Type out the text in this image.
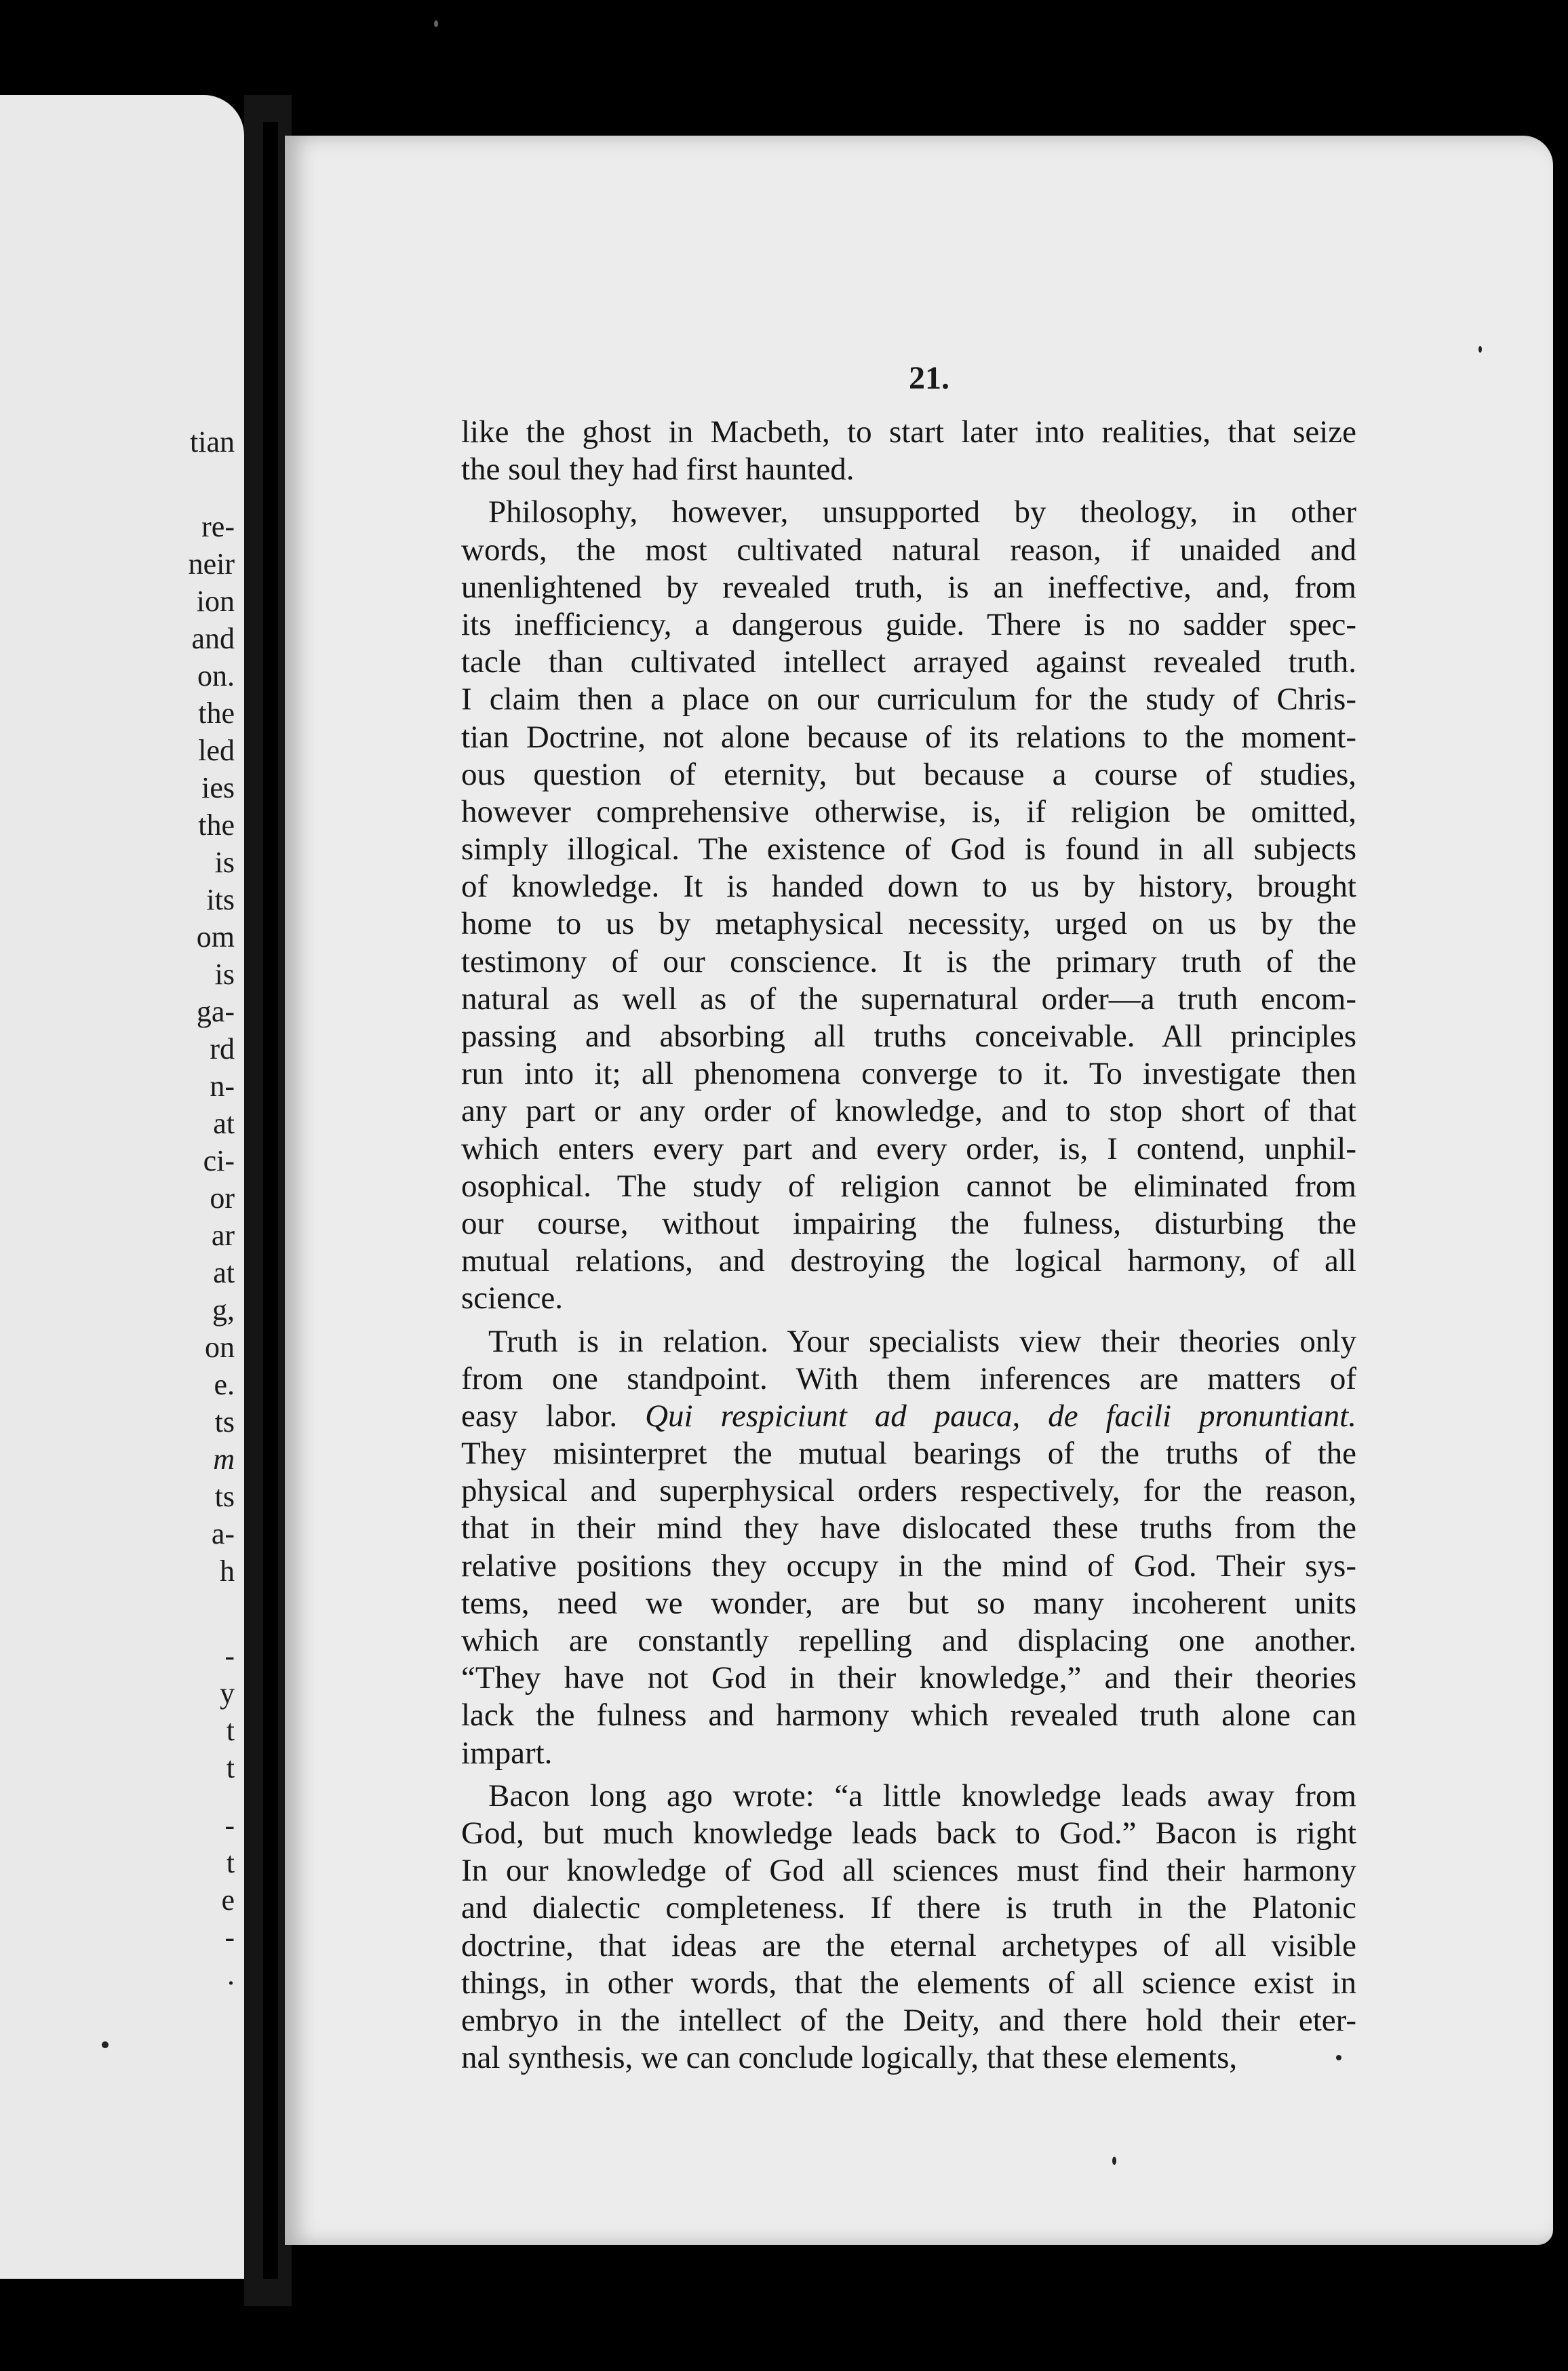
tian
re-
neir
ion
and
on.
the
led
ies
the
is
its
om
is
ga-
rd
n-
at
ci-
or
ar
at
g,
on
e.
ts
m
ts
a-
h
-
y
t
t
-
t
e
-
.
21.
like the ghost in Macbeth, to start later into realities, that seize
the soul they had first haunted.
Philosophy, however, unsupported by theology, in other
words, the most cultivated natural reason, if unaided and
unenlightened by revealed truth, is an ineffective, and, from
its inefficiency, a dangerous guide. There is no sadder spec-
tacle than cultivated intellect arrayed against revealed truth.
I claim then a place on our curriculum for the study of Chris-
tian Doctrine, not alone because of its relations to the moment-
ous question of eternity, but because a course of studies,
however comprehensive otherwise, is, if religion be omitted,
simply illogical. The existence of God is found in all subjects
of knowledge. It is handed down to us by history, brought
home to us by metaphysical necessity, urged on us by the
testimony of our conscience. It is the primary truth of the
natural as well as of the supernatural order—a truth encom-
passing and absorbing all truths conceivable. All principles
run into it; all phenomena converge to it. To investigate then
any part or any order of knowledge, and to stop short of that
which enters every part and every order, is, I contend, unphil-
osophical. The study of religion cannot be eliminated from
our course, without impairing the fulness, disturbing the
mutual relations, and destroying the logical harmony, of all
science.
Truth is in relation. Your specialists view their theories only
from one standpoint. With them inferences are matters of
easy labor. Qui respiciunt ad pauca, de facili pronuntiant.
They misinterpret the mutual bearings of the truths of the
physical and superphysical orders respectively, for the reason,
that in their mind they have dislocated these truths from the
relative positions they occupy in the mind of God. Their sys-
tems, need we wonder, are but so many incoherent units
which are constantly repelling and displacing one another.
“They have not God in their knowledge,” and their theories
lack the fulness and harmony which revealed truth alone can
impart.
Bacon long ago wrote: “a little knowledge leads away from
God, but much knowledge leads back to God.” Bacon is right
In our knowledge of God all sciences must find their harmony
and dialectic completeness. If there is truth in the Platonic
doctrine, that ideas are the eternal archetypes of all visible
things, in other words, that the elements of all science exist in
embryo in the intellect of the Deity, and there hold their eter-
nal synthesis, we can conclude logically, that these elements,
